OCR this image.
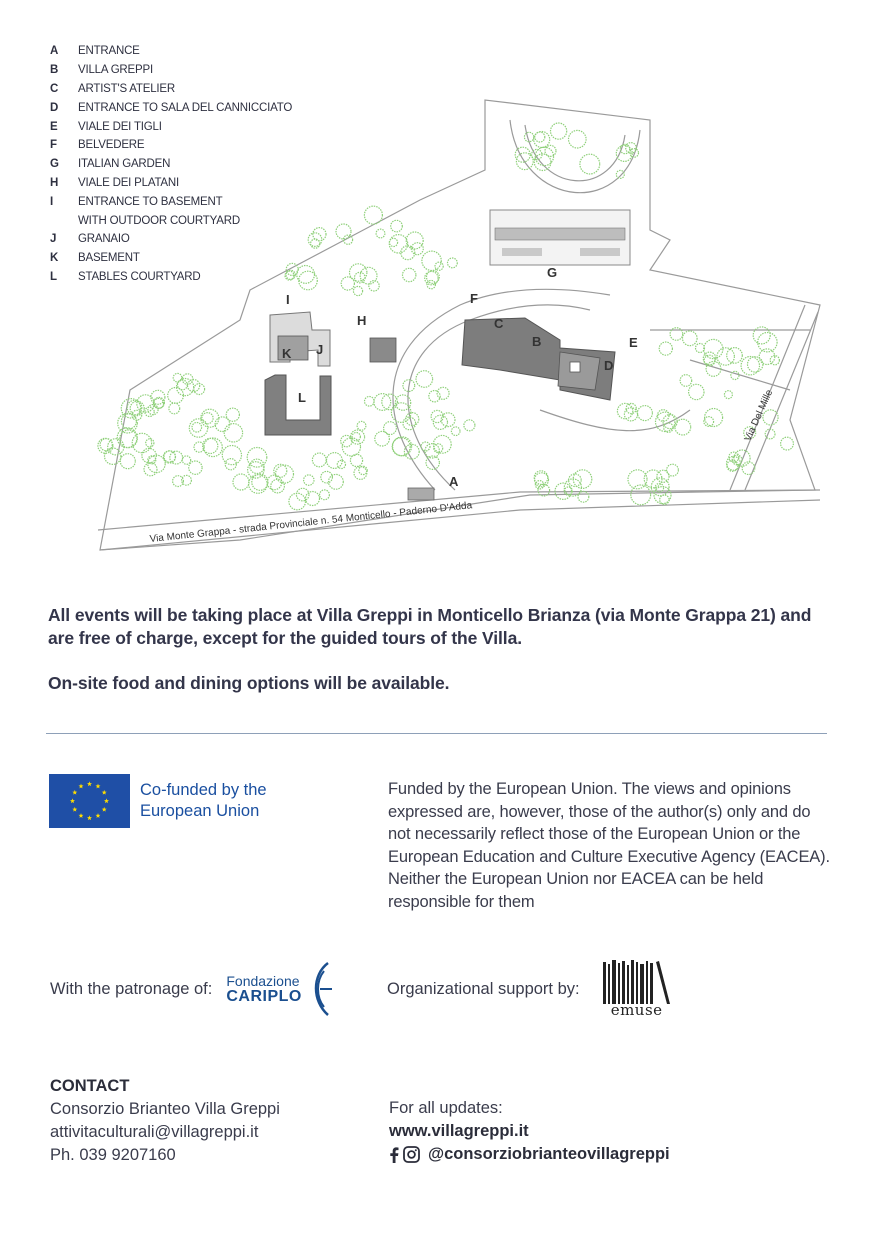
A	ENTRANCE
B	VILLA GREPPI
C	ARTIST'S ATELIER
D	ENTRANCE TO SALA DEL CANNICCIATO
E	VIALE DEI TIGLI
F	BELVEDERE
G	ITALIAN GARDEN
H	VIALE DEI PLATANI
I	ENTRANCE TO BASEMENT
WITH OUTDOOR COURTYARD
J	GRANAIO
K	BASEMENT
L	STABLES COURTYARD
A
B
C
D
E
F
G
H
I
J
K
L
Via Monte Grappa - strada Provinciale n. 54 Monticello - Paderno D'Adda
Via Del Mille

All events will be taking place at Villa Greppi in Monticello Brianza (via Monte Grappa 21) and are free of charge, except for the guided tours of the Villa.

On-site food and dining options will be available.

Co-funded by the
European Union
Funded by the European Union. The views and opinions expressed are, however, those of the author(s) only and do not necessarily reflect those of the European Union or the European Education and Culture Executive Agency (EACEA). Neither the European Union nor EACEA can be held responsible for them
With the patronage of: Fondazione
CARIPLO	Organizational support by:
emuse
CONTACT
Consorzio Brianteo Villa Greppi
attivitaculturali@villagreppi.it
Ph. 039 9207160
For all updates:
www.villagreppi.it
@consorziobrianteovillagreppi
